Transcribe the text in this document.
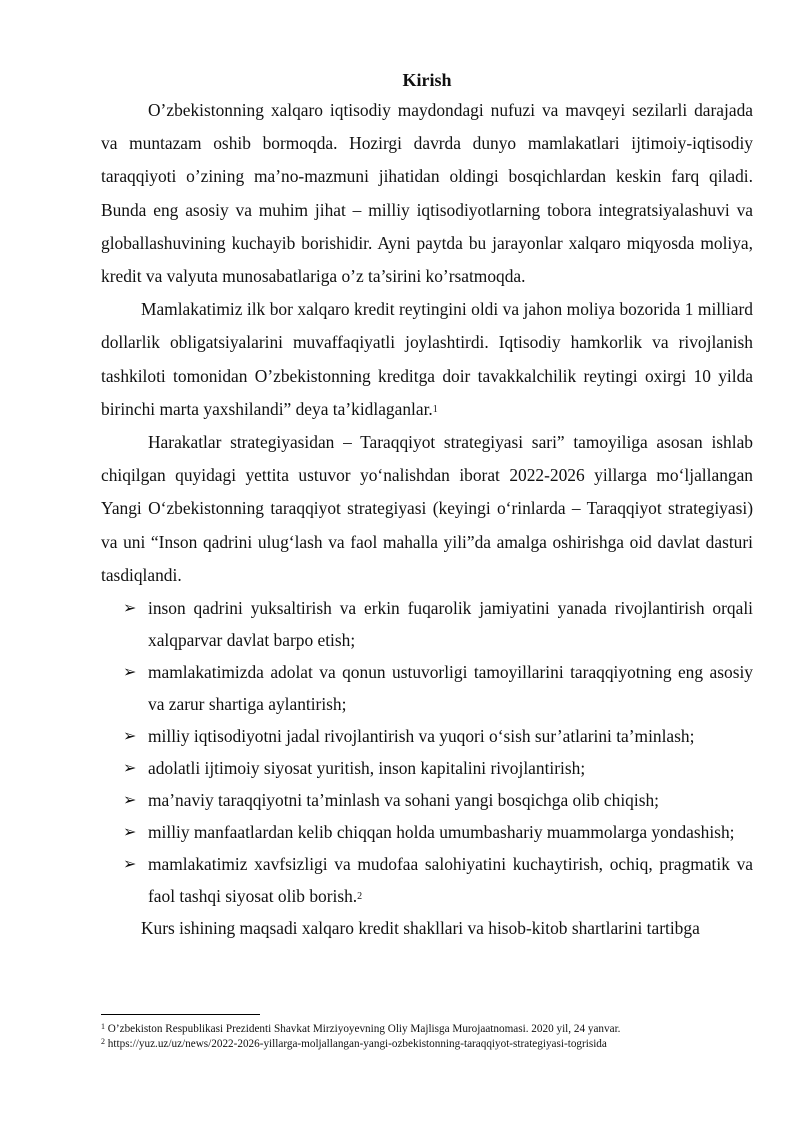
Kirish

O’zbekistonning xalqaro iqtisodiy maydondagi nufuzi va mavqeyi sezilarli darajada va muntazam oshib bormoqda. Hozirgi davrda dunyo mamlakatlari ijtimoiy-iqtisodiy taraqqiyoti o’zining ma’no-mazmuni jihatidan oldingi bosqichlardan keskin farq qiladi. Bunda eng asosiy va muhim jihat – milliy iqtisodiyotlarning tobora integratsiyalashuvi va globallashuvining kuchayib borishidir. Ayni paytda bu jarayonlar xalqaro miqyosda moliya, kredit va valyuta munosabatlariga o’z ta’sirini ko’rsatmoqda.

Mamlakatimiz ilk bor xalqaro kredit reytingini oldi va jahon moliya bozorida 1 milliard dollarlik obligatsiyalarini muvaffaqiyatli joylashtirdi. Iqtisodiy hamkorlik va rivojlanish tashkiloti tomonidan O’zbekistonning kreditga doir tavakkalchilik reytingi oxirgi 10 yilda birinchi marta yaxshilandi” deya ta’kidlaganlar.$^1$

Harakatlar strategiyasidan – Taraqqiyot strategiyasi sari” tamoyiliga asosan ishlab chiqilgan quyidagi yettita ustuvor yo‘nalishdan iborat 2022-2026 yillarga mo‘ljallangan Yangi O‘zbekistonning taraqqiyot strategiyasi (keyingi o‘rinlarda – Taraqqiyot strategiyasi) va uni “Inson qadrini ulug‘lash va faol mahalla yili”da amalga oshirishga oid davlat dasturi tasdiqlandi.

➢ inson qadrini yuksaltirish va erkin fuqarolik jamiyatini yanada rivojlantirish orqali xalqparvar davlat barpo etish;
➢ mamlakatimizda adolat va qonun ustuvorligi tamoyillarini taraqqiyotning eng asosiy va zarur shartiga aylantirish;
➢ milliy iqtisodiyotni jadal rivojlantirish va yuqori o‘sish sur’atlarini ta’minlash;
➢ adolatli ijtimoiy siyosat yuritish, inson kapitalini rivojlantirish;
➢ ma’naviy taraqqiyotni ta’minlash va sohani yangi bosqichga olib chiqish;
➢ milliy manfaatlardan kelib chiqqan holda umumbashariy muammolarga yondashish;
➢ mamlakatimiz xavfsizligi va mudofaa salohiyatini kuchaytirish, ochiq, pragmatik va faol tashqi siyosat olib borish.$^2$

Kurs ishining maqsadi xalqaro kredit shakllari va hisob-kitob shartlarini tartibga

$^1$ O’zbekiston Respublikasi Prezidenti Shavkat Mirziyoyevning Oliy Majlisga Murojaatnomasi. 2020 yil, 24 yanvar.
$^2$ https://yuz.uz/uz/news/2022-2026-yillarga-moljallangan-yangi-ozbekistonning-taraqqiyot-strategiyasi-togrisida
